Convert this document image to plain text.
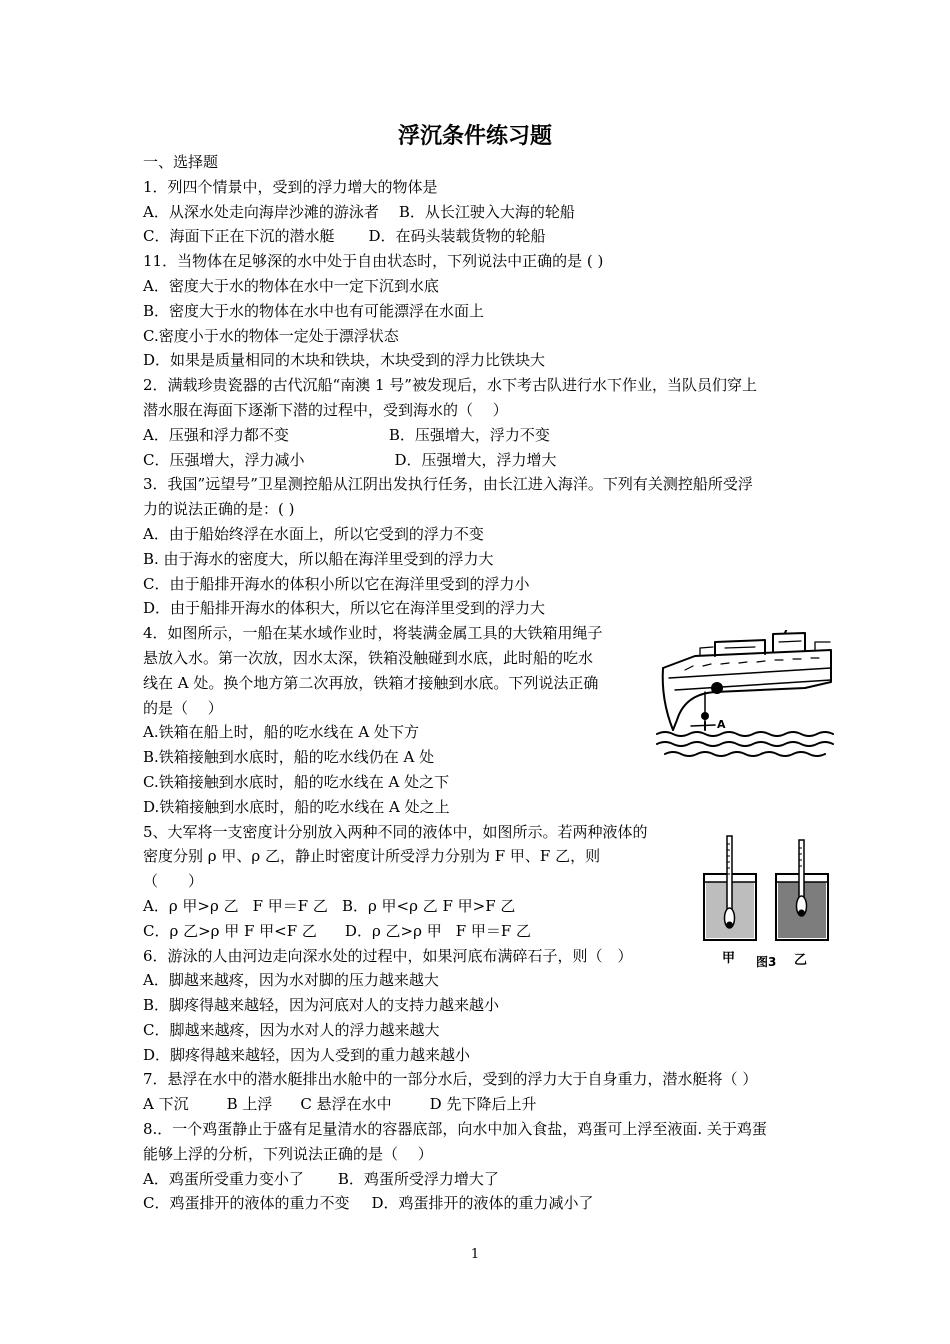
浮沉条件练习题
一、选择题
1．列四个情景中，受到的浮力增大的物体是
A．从深水处走向海岸沙滩的游泳者 B．从长江驶入大海的轮船
C．海面下正在下沉的潜水艇 D．在码头装载货物的轮船
11．当物体在足够深的水中处于自由状态时，下列说法中正确的是 ( )
A．密度大于水的物体在水中一定下沉到水底
B．密度大于水的物体在水中也有可能漂浮在水面上
C.密度小于水的物体一定处于漂浮状态
D．如果是质量相同的木块和铁块，木块受到的浮力比铁块大
2．满载珍贵瓷器的古代沉船“南澳 1 号”被发现后，水下考古队进行水下作业，当队员们穿上
潜水服在海面下逐渐下潜的过程中，受到海水的（　 ）
A．压强和浮力都不变	B．压强增大，浮力不变
C．压强增大，浮力减小	D．压强增大，浮力增大
3．我国”远望号”卫星测控船从江阴出发执行任务，由长江进入海洋。下列有关测控船所受浮
力的说法正确的是：( )
A．由于船始终浮在水面上，所以它受到的浮力不变
B. 由于海水的密度大，所以船在海洋里受到的浮力大
C．由于船排开海水的体积小所以它在海洋里受到的浮力小
D．由于船排开海水的体积大，所以它在海洋里受到的浮力大
4．如图所示，一船在某水域作业时，将装满金属工具的大铁箱用绳子
悬放入水。第一次放，因水太深，铁箱没触碰到水底，此时船的吃水
线在 A 处。换个地方第二次再放，铁箱才接触到水底。下列说法正确
的是（　 ）
A.铁箱在船上时，船的吃水线在 A 处下方
B.铁箱接触到水底时，船的吃水线仍在 A 处
C.铁箱接触到水底时，船的吃水线在 A 处之下
D.铁箱接触到水底时，船的吃水线在 A 处之上
5、大军将一支密度计分别放入两种不同的液体中，如图所示。若两种液体的
密度分别 ρ 甲、ρ 乙，静止时密度计所受浮力分别为 F 甲、F 乙，则
（　　）
A．ρ 甲>ρ 乙 F 甲＝F 乙 B．ρ 甲<ρ 乙 F 甲>F 乙
C．ρ 乙>ρ 甲 F 甲<F 乙 D．ρ 乙>ρ 甲 F 甲＝F 乙
6．游泳的人由河边走向深水处的过程中，如果河底布满碎石子，则（　）
A．脚越来越疼，因为水对脚的压力越来越大
B．脚疼得越来越轻，因为河底对人的支持力越来越小
C．脚越来越疼，因为水对人的浮力越来越大
D．脚疼得越来越轻，因为人受到的重力越来越小
7．悬浮在水中的潜水艇排出水舱中的一部分水后，受到的浮力大于自身重力，潜水艇将（ ）
A 下沉	B 上浮 C 悬浮在水中	D 先下降后上升
8.．一个鸡蛋静止于盛有足量清水的容器底部，向水中加入食盐，鸡蛋可上浮至液面. 关于鸡蛋
能够上浮的分析，下列说法正确的是（　 ）
A．鸡蛋所受重力变小了 B．鸡蛋所受浮力增大了
C．鸡蛋排开的液体的重力不变 D．鸡蛋排开的液体的重力减小了
A
甲 图3 乙
1
